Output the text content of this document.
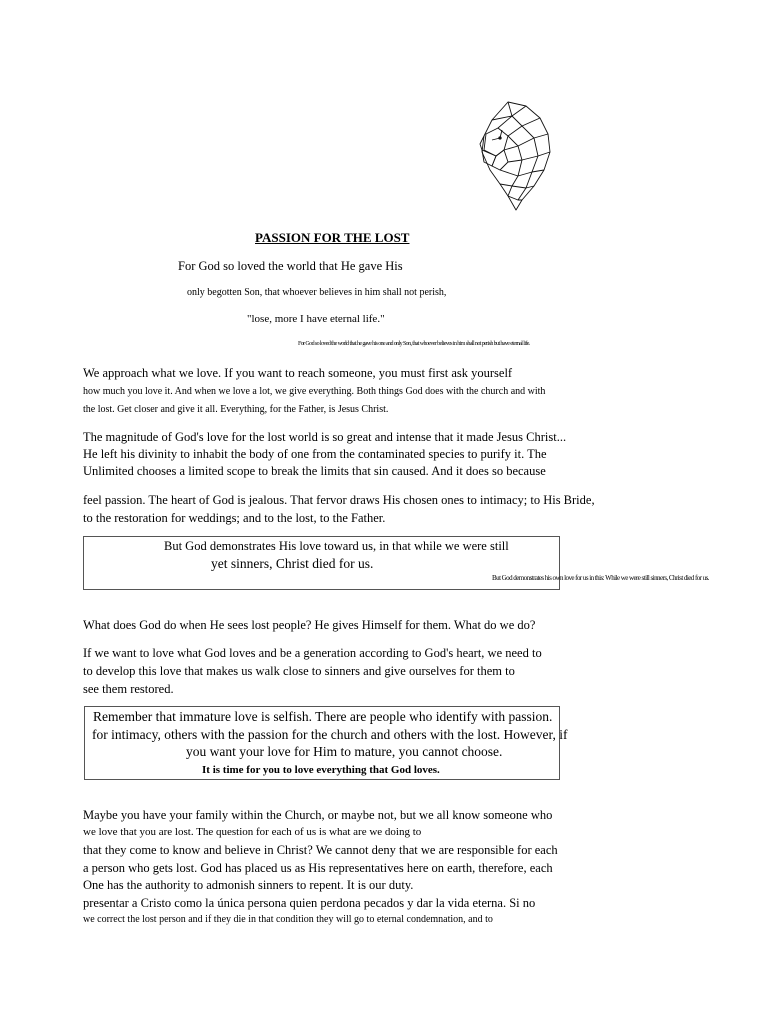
PASSION FOR THE LOST
For God so loved the world that He gave His
only begotten Son, that whoever believes in him shall not perish,
"lose, more I have eternal life."
For God so loved the world that he gave his one and only Son, that whoever believes in him shall not perish but have eternal life.
We approach what we love. If you want to reach someone, you must first ask yourself
how much you love it. And when we love a lot, we give everything. Both things God does with the church and with
the lost. Get closer and give it all. Everything, for the Father, is Jesus Christ.
The magnitude of God's love for the lost world is so great and intense that it made Jesus Christ...
He left his divinity to inhabit the body of one from the contaminated species to purify it. The
Unlimited chooses a limited scope to break the limits that sin caused. And it does so because
feel passion. The heart of God is jealous. That fervor draws His chosen ones to intimacy; to His Bride,
to the restoration for weddings; and to the lost, to the Father.
But God demonstrates His love toward us, in that while we were still
yet sinners, Christ died for us.
But God demonstrates his own love for us in this: While we were still sinners, Christ died for us.
What does God do when He sees lost people? He gives Himself for them. What do we do?
If we want to love what God loves and be a generation according to God's heart, we need to
to develop this love that makes us walk close to sinners and give ourselves for them to
see them restored.
Remember that immature love is selfish. There are people who identify with passion.
for intimacy, others with the passion for the church and others with the lost. However, if
you want your love for Him to mature, you cannot choose.
It is time for you to love everything that God loves.
Maybe you have your family within the Church, or maybe not, but we all know someone who
we love that you are lost. The question for each of us is what are we doing to
that they come to know and believe in Christ? We cannot deny that we are responsible for each
a person who gets lost. God has placed us as His representatives here on earth, therefore, each
One has the authority to admonish sinners to repent. It is our duty.
presentar a Cristo como la única persona quien perdona pecados y dar la vida eterna. Si no
we correct the lost person and if they die in that condition they will go to eternal condemnation, and to
